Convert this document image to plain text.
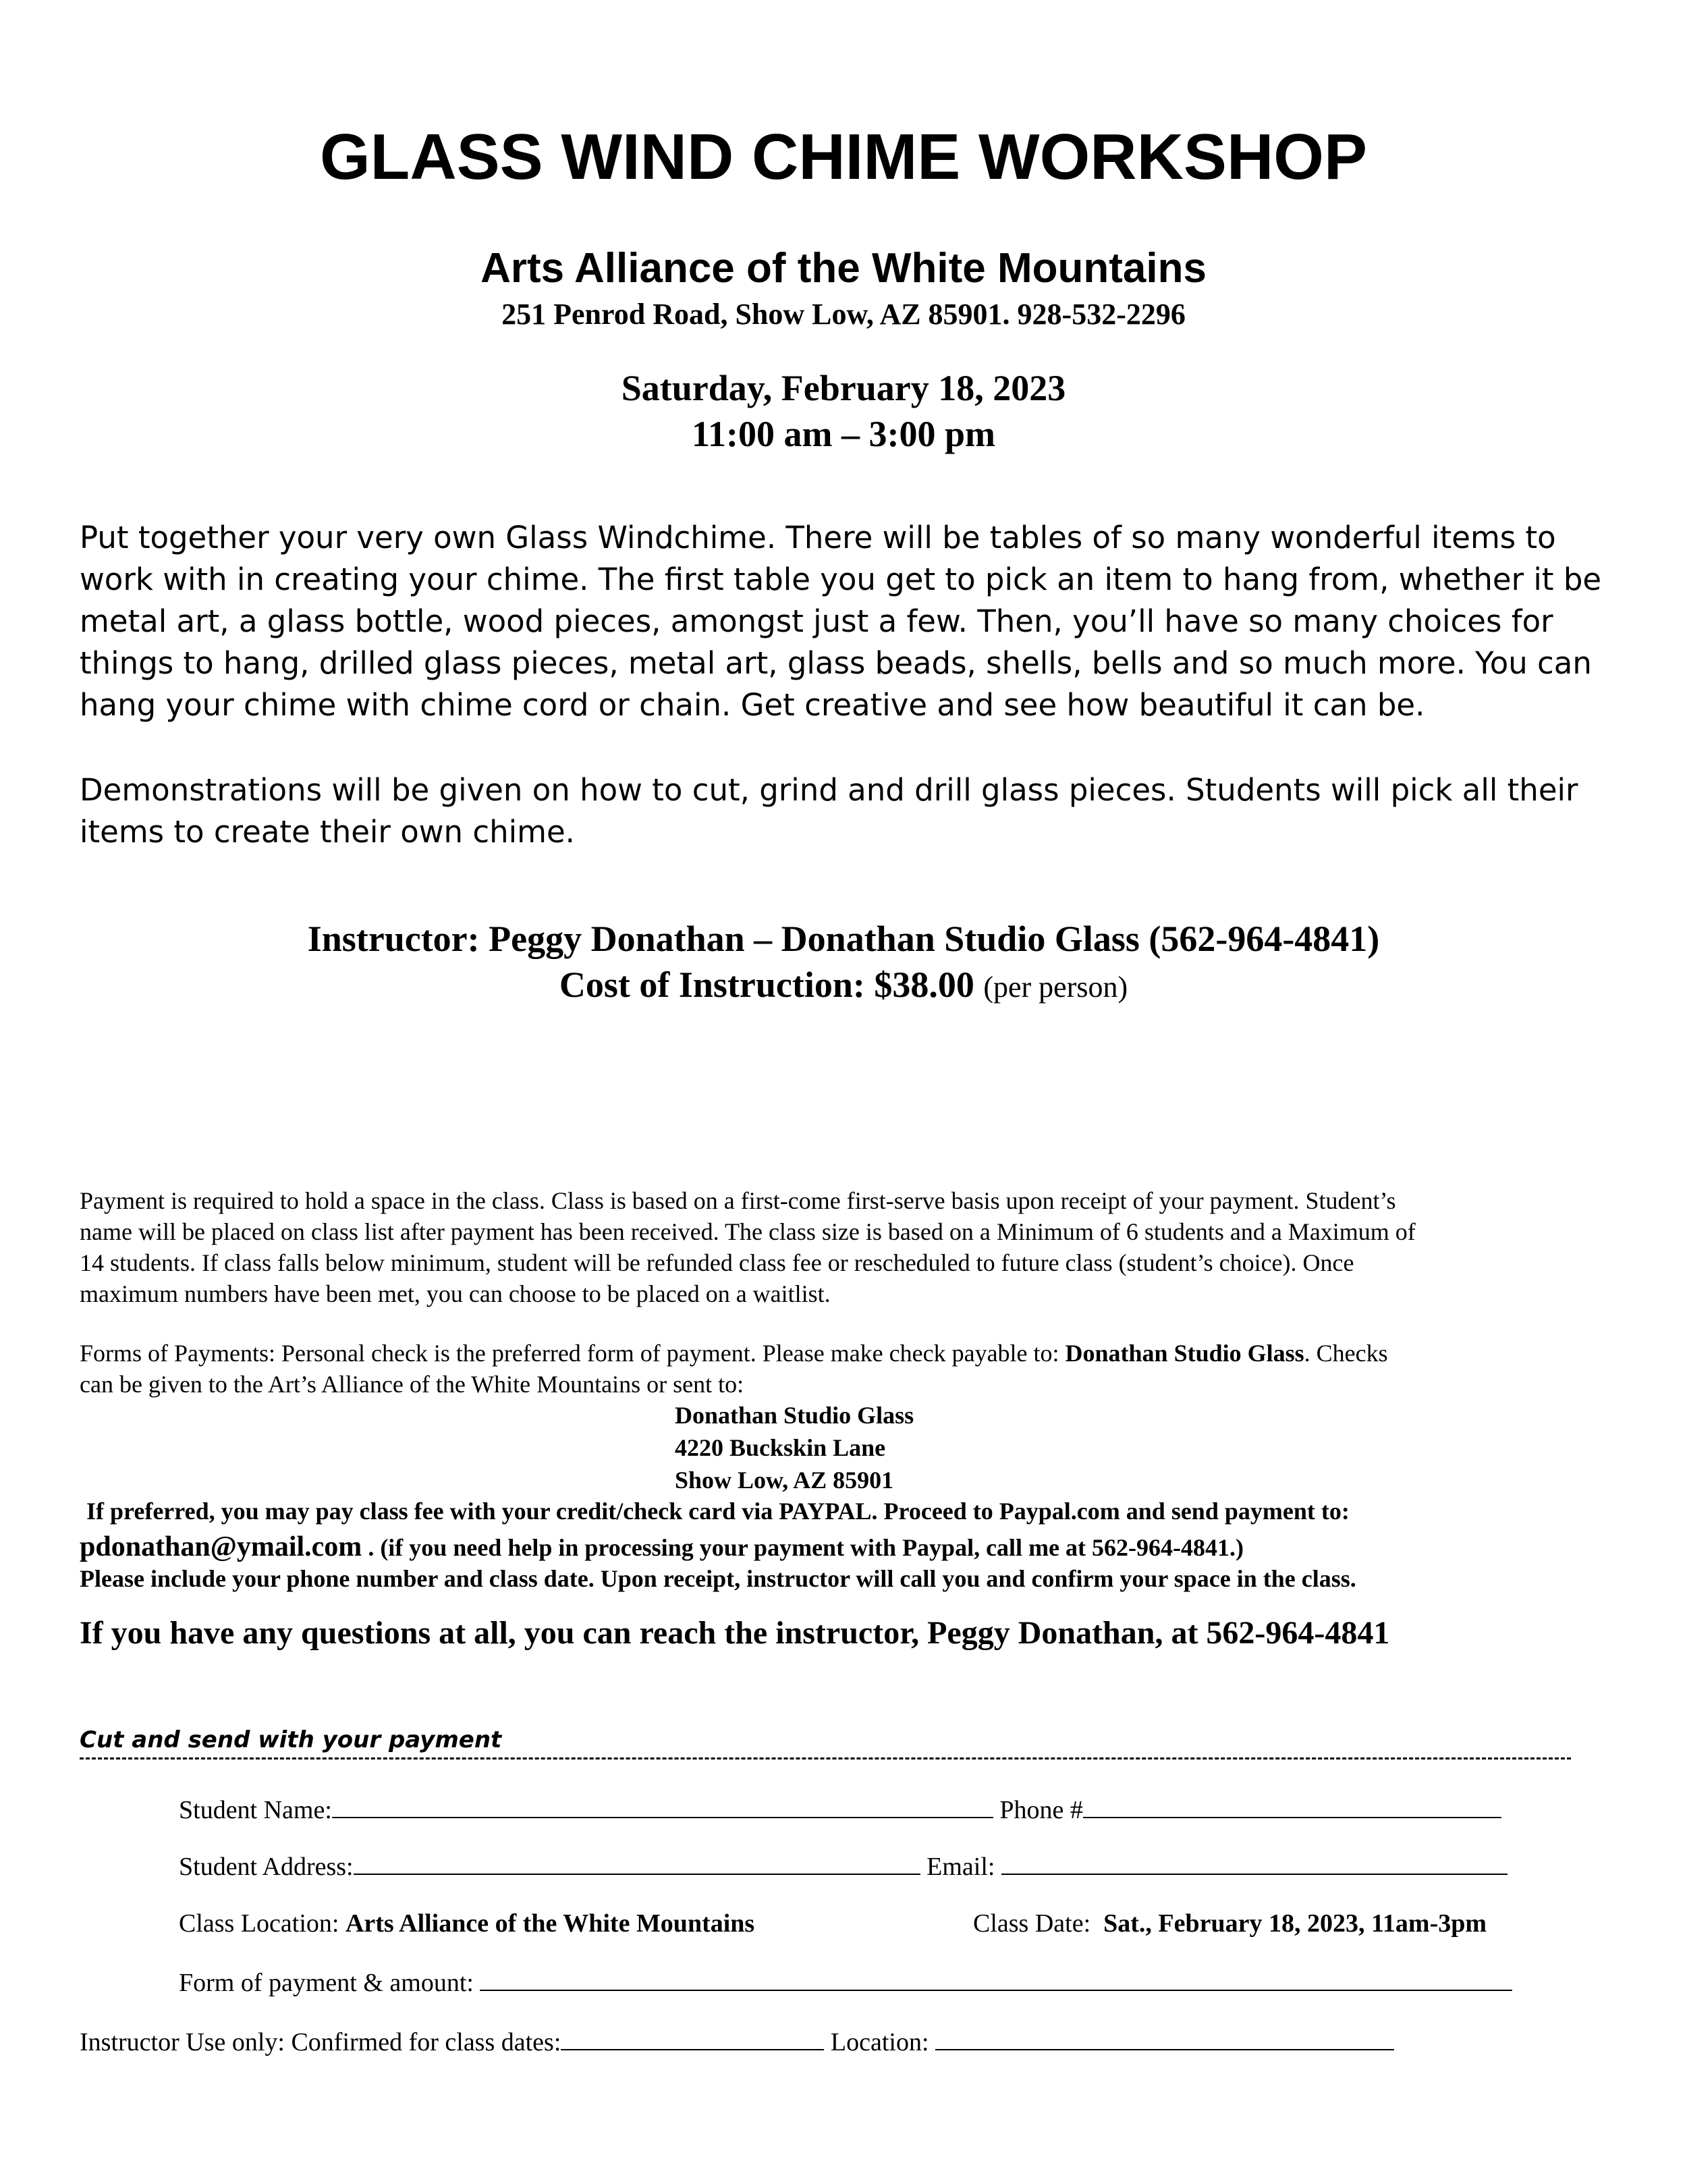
GLASS WIND CHIME WORKSHOP
Arts Alliance of the White Mountains
251 Penrod Road, Show Low, AZ 85901. 928-532-2296
Saturday, February 18, 2023
11:00 am – 3:00 pm
Put together your very own Glass Windchime. There will be tables of so many wonderful items to
work with in creating your chime. The first table you get to pick an item to hang from, whether it be
metal art, a glass bottle, wood pieces, amongst just a few. Then, you’ll have so many choices for
things to hang, drilled glass pieces, metal art, glass beads, shells, bells and so much more. You can
hang your chime with chime cord or chain. Get creative and see how beautiful it can be.
Demonstrations will be given on how to cut, grind and drill glass pieces. Students will pick all their
items to create their own chime.
Instructor: Peggy Donathan – Donathan Studio Glass (562-964-4841)
Cost of Instruction: $38.00 (per person)
Payment is required to hold a space in the class. Class is based on a first-come first-serve basis upon receipt of your payment. Student’s
name will be placed on class list after payment has been received. The class size is based on a Minimum of 6 students and a Maximum of
14 students. If class falls below minimum, student will be refunded class fee or rescheduled to future class (student’s choice). Once
maximum numbers have been met, you can choose to be placed on a waitlist.
Forms of Payments: Personal check is the preferred form of payment. Please make check payable to: Donathan Studio Glass. Checks
can be given to the Art’s Alliance of the White Mountains or sent to:
Donathan Studio Glass
4220 Buckskin Lane
Show Low, AZ 85901
If preferred, you may pay class fee with your credit/check card via PAYPAL. Proceed to Paypal.com and send payment to:
pdonathan@ymail.com . (if you need help in processing your payment with Paypal, call me at 562-964-4841.)
Please include your phone number and class date. Upon receipt, instructor will call you and confirm your space in the class.
If you have any questions at all, you can reach the instructor, Peggy Donathan, at 562-964-4841
Cut and send with your payment
Student Name:	Phone #
Student Address:	Email:
Class Location: Arts Alliance of the White Mountains	Class Date: Sat., February 18, 2023, 11am-3pm
Form of payment & amount:
Instructor Use only: Confirmed for class dates:	Location:
